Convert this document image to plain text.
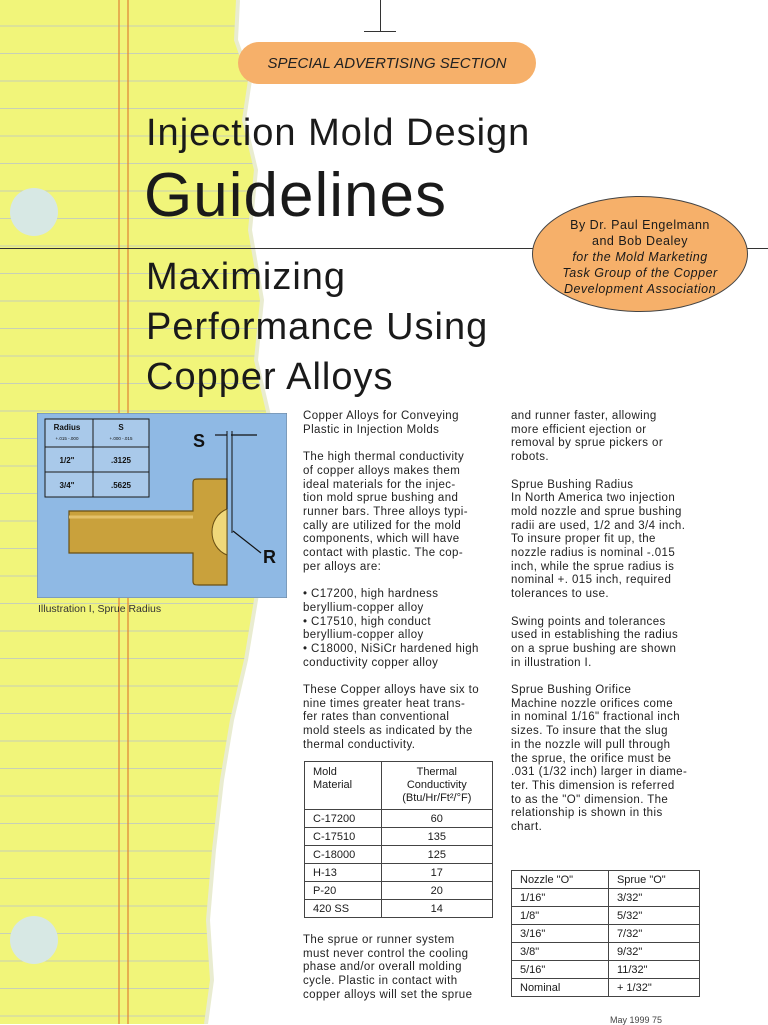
SPECIAL ADVERTISING SECTION
Injection Mold Design
Guidelines
Maximizing
Performance Using
Copper Alloys
By Dr. Paul Engelmann
and Bob Dealey
for the Mold Marketing
Task Group of the Copper
Development Association
Radius
+.015 -.000
S
+.000 -.015
1/2"	.3125
3/4"	.5625
S
R
Illustration I, Sprue Radius

Copper Alloys for Conveying
Plastic in Injection Molds

The high thermal conductivity
of copper alloys makes them
ideal materials for the injec-
tion mold sprue bushing and
runner bars. Three alloys typi-
cally are utilized for the mold
components, which will have
contact with plastic. The cop-
per alloys are:

• C17200, high hardness
beryllium-copper alloy
• C17510, high conduct
beryllium-copper alloy
• C18000, NiSiCr hardened high
conductivity copper alloy

These Copper alloys have six to
nine times greater heat trans-
fer rates than conventional
mold steels as indicated by the
thermal conductivity.

Mold
Material	Thermal
Conductivity
(Btu/Hr/Ft²/°F)
C-17200	60
C-17510	135
C-18000	125
H-13	17
P-20	20
420 SS	14

The sprue or runner system
must never control the cooling
phase and/or overall molding
cycle. Plastic in contact with
copper alloys will set the sprue

and runner faster, allowing
more efficient ejection or
removal by sprue pickers or
robots.

Sprue Bushing Radius
In North America two injection
mold nozzle and sprue bushing
radii are used, 1/2 and 3/4 inch.
To insure proper fit up, the
nozzle radius is nominal -.015
inch, while the sprue radius is
nominal +. 015 inch, required
tolerances to use.

Swing points and tolerances
used in establishing the radius
on a sprue bushing are shown
in illustration I.

Sprue Bushing Orifice
Machine nozzle orifices come
in nominal 1/16" fractional inch
sizes. To insure that the slug
in the nozzle will pull through
the sprue, the orifice must be
.031 (1/32 inch) larger in diame-
ter. This dimension is referred
to as the "O" dimension. The
relationship is shown in this
chart.

Nozzle "O"	Sprue "O"
1/16"	3/32"
1/8"	5/32"
3/16"	7/32"
3/8"	9/32"
5/16"	11/32"
Nominal	+ 1/32"
May 1999 75
